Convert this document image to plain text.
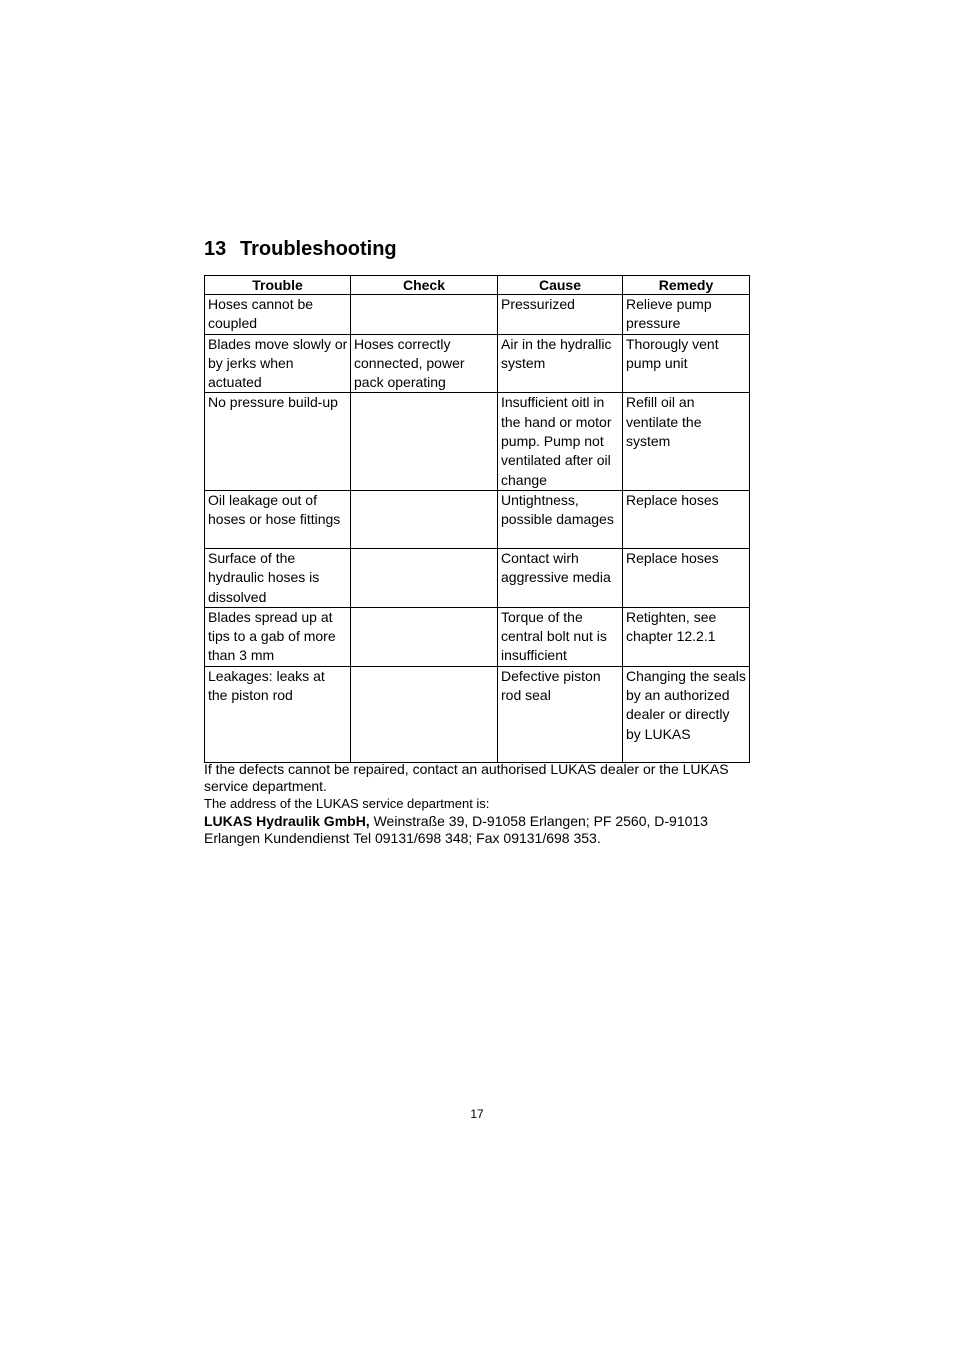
13 Troubleshooting
Trouble	Check	Cause	Remedy
Hoses cannot be coupled		Pressurized	Relieve pump pressure
Blades move slowly or by jerks when actuated	Hoses correctly connected, power pack operating	Air in the hydrallic system	Thorougly vent pump unit
No pressure build-up		Insufficient oitl in the hand or motor pump. Pump not ventilated after oil change	Refill oil an ventilate the system
Oil leakage out of hoses or hose fittings		Untightness, possible damages	Replace hoses
Surface of the hydraulic hoses is dissolved		Contact wirh aggressive media	Replace hoses
Blades spread up at tips to a gab of more than 3 mm		Torque of the central bolt nut is insufficient	Retighten, see chapter 12.2.1
Leakages: leaks at the piston rod		Defective piston rod seal	Changing the seals by an authorized dealer or directly by LUKAS

If the defects cannot be repaired, contact an authorised LUKAS dealer or the LUKAS service department.

The address of the LUKAS service department is:

LUKAS Hydraulik GmbH, Weinstraße 39, D-91058 Erlangen; PF 2560, D-91013 Erlangen Kundendienst Tel 09131/698 348; Fax 09131/698 353.

17
